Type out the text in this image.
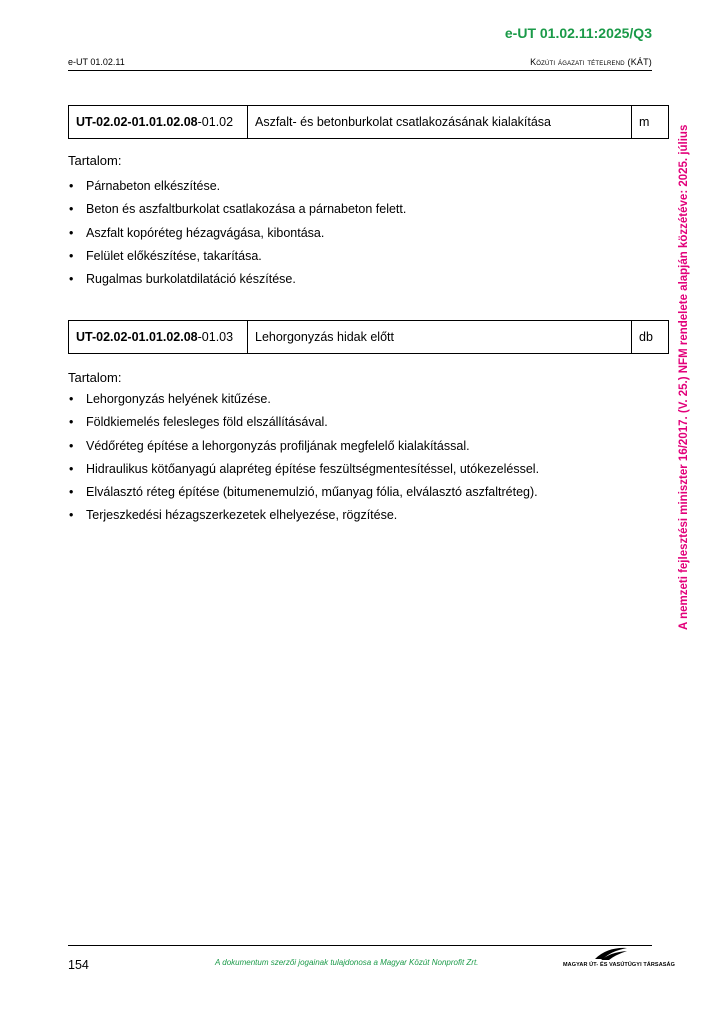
e-UT 01.02.11:2025/Q3
e-UT 01.02.11	Közúti ágazati tételrend (KÁT)
UT-02.02-01.01.02.08-01.02	Aszfalt- és betonburkolat csatlakozásának kialakítása	m
Tartalom:
• Párnabeton elkészítése.
• Beton és aszfaltburkolat csatlakozása a párnabeton felett.
• Aszfalt kopóréteg hézagvágása, kibontása.
• Felület előkészítése, takarítása.
• Rugalmas burkolatdilatáció készítése.
UT-02.02-01.01.02.08-01.03	Lehorgonyzás hidak előtt	db
Tartalom:
• Lehorgonyzás helyének kitűzése.
• Földkiemelés felesleges föld elszállításával.
• Védőréteg építése a lehorgonyzás profiljának megfelelő kialakítással.
• Hidraulikus kötőanyagú alapréteg építése feszültségmentesítéssel, utókezeléssel.
• Elválasztó réteg építése (bitumenemulzió, műanyag fólia, elválasztó aszfaltréteg).
• Terjeszkedési hézagszerkezetek elhelyezése, rögzítése.	A nemzeti fejlesztési miniszter 16/2017. (V. 25.) NFM rendelete alapján közzétéve: 2025. július
154	A dokumentum szerzői jogainak tulajdonosa a Magyar Közút Nonprofit Zrt.	MAGYAR ÚT- ÉS VASÚTÜGYI TÁRSASÁG
